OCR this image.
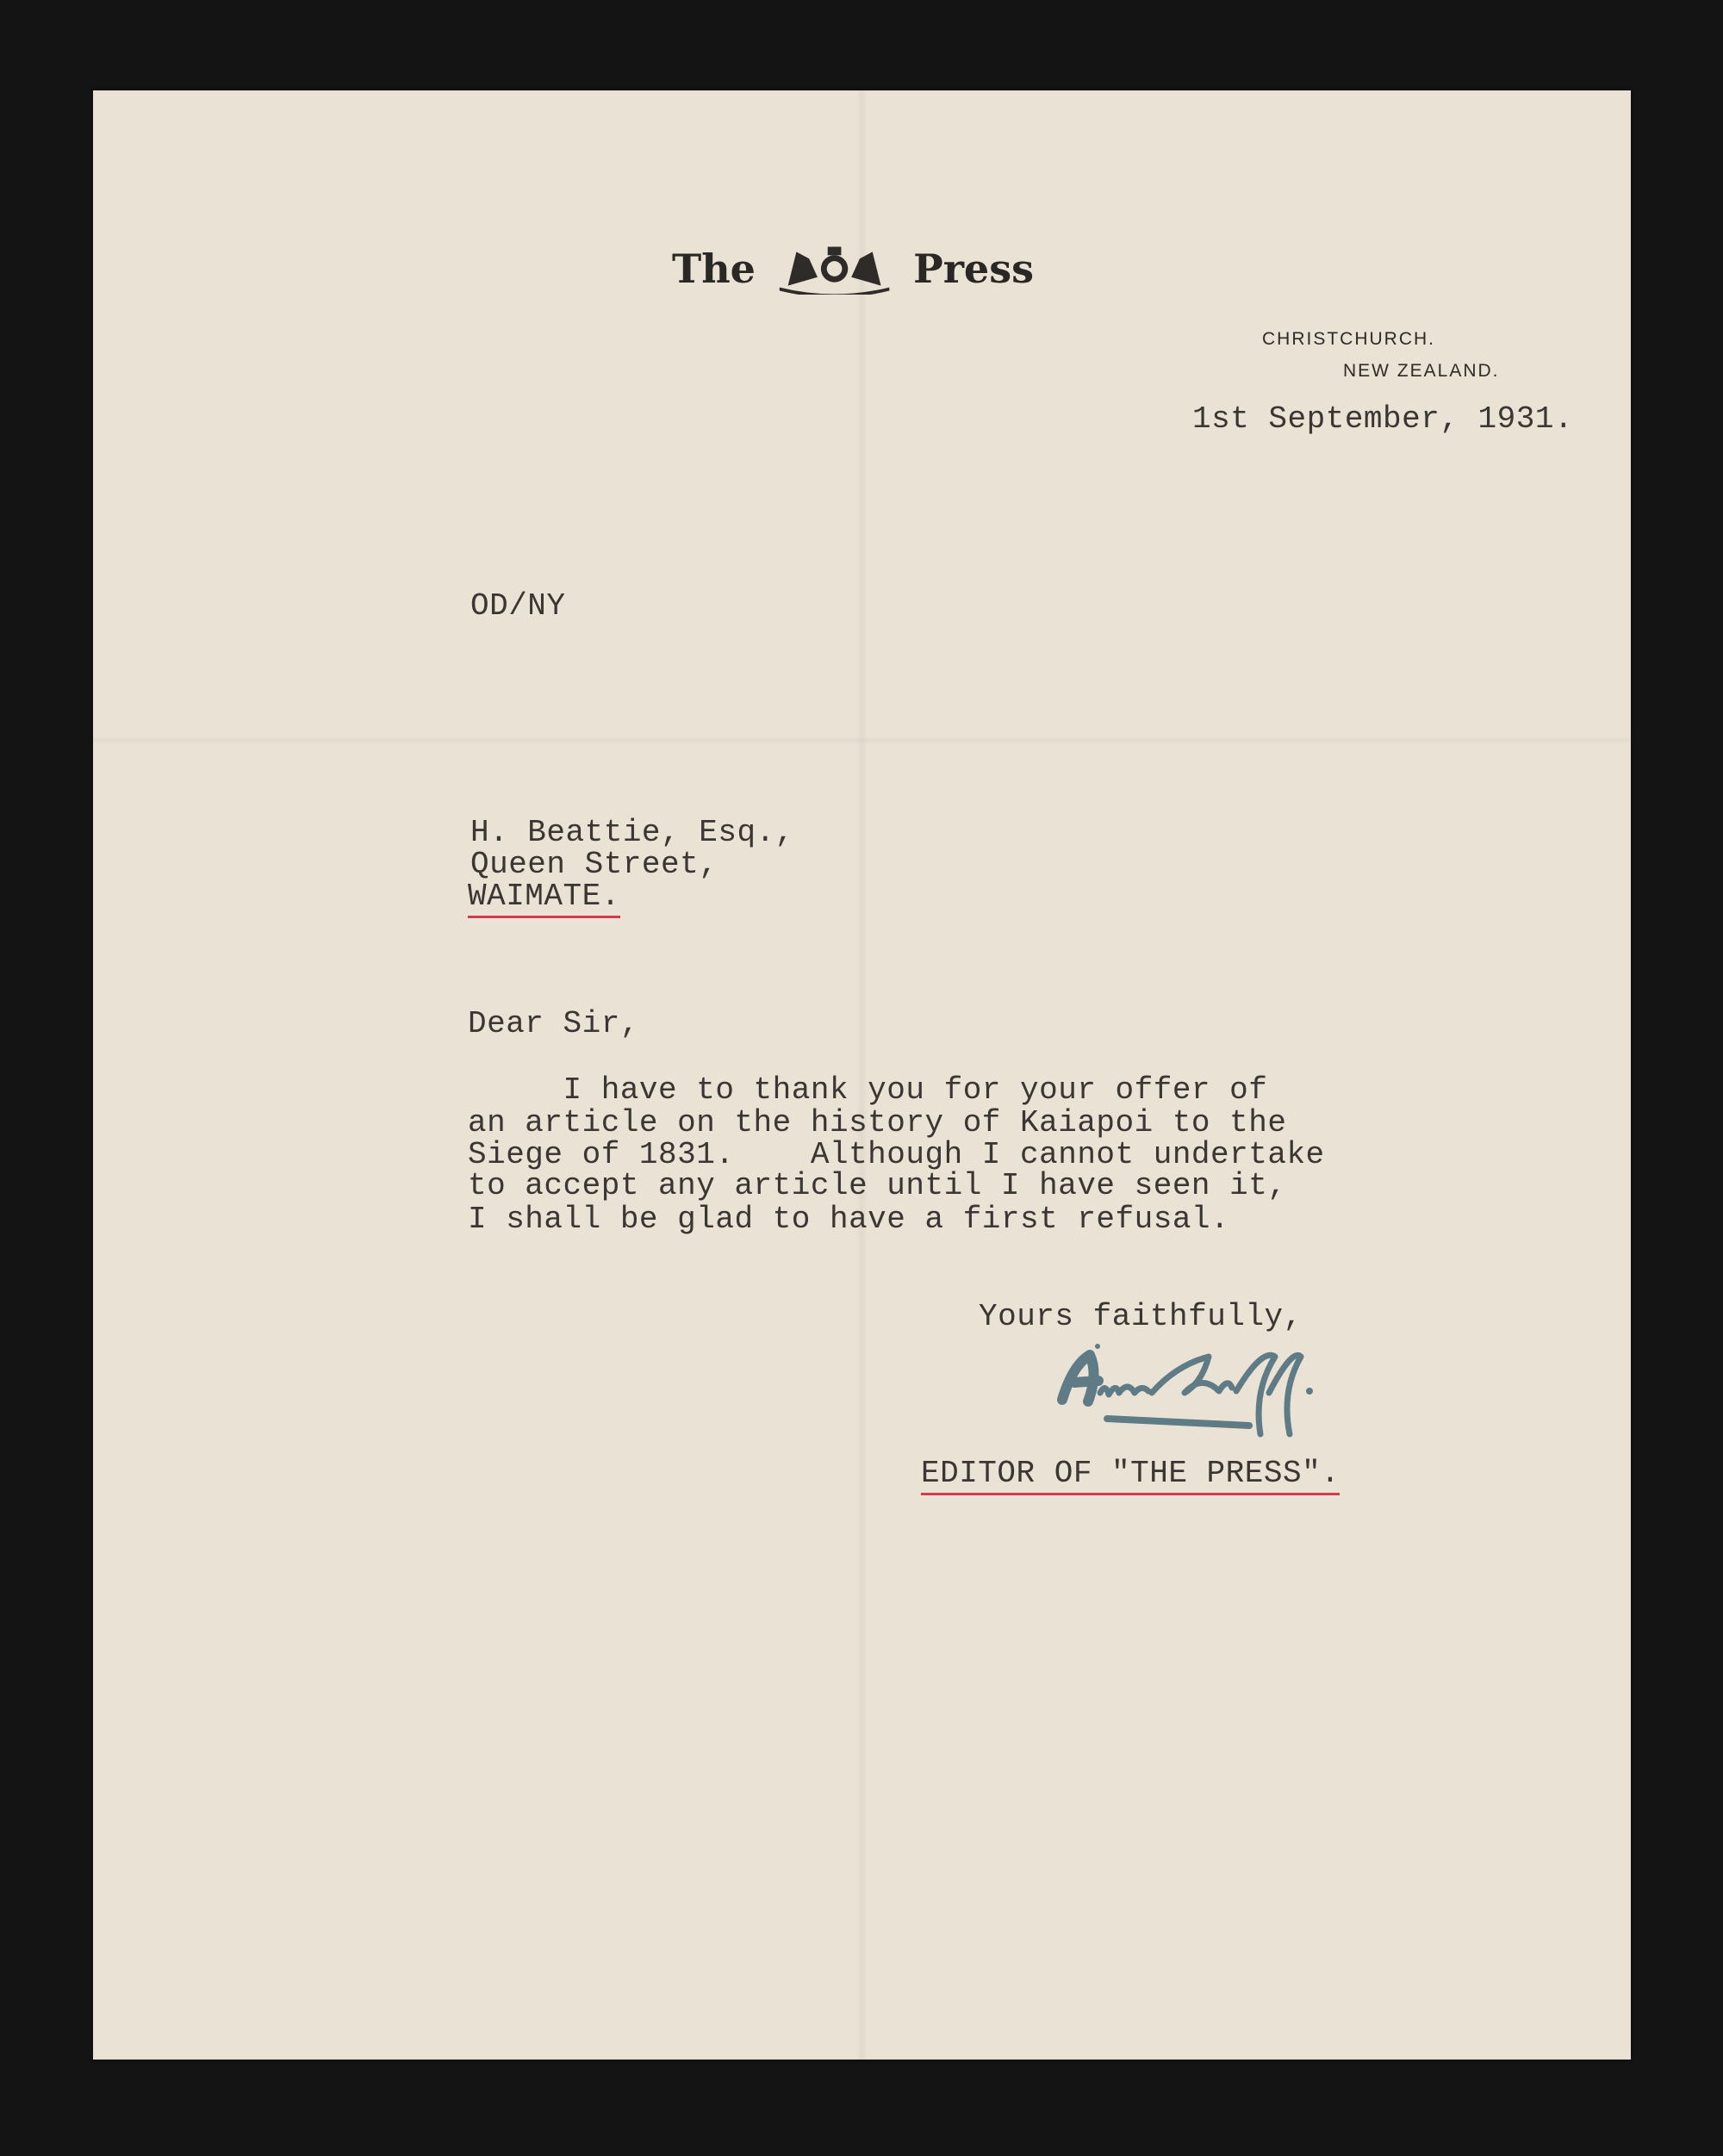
The	Press
CHRISTCHURCH.
NEW ZEALAND.
1st September, 1931.
OD/NY
H. Beattie, Esq.,
Queen Street,
WAIMATE.
Dear Sir,
I have to thank you for your offer of
an article on the history of Kaiapoi to the
Siege of 1831.    Although I cannot undertake
to accept any article until I have seen it,
I shall be glad to have a first refusal.
Yours faithfully,
EDITOR OF "THE PRESS".
